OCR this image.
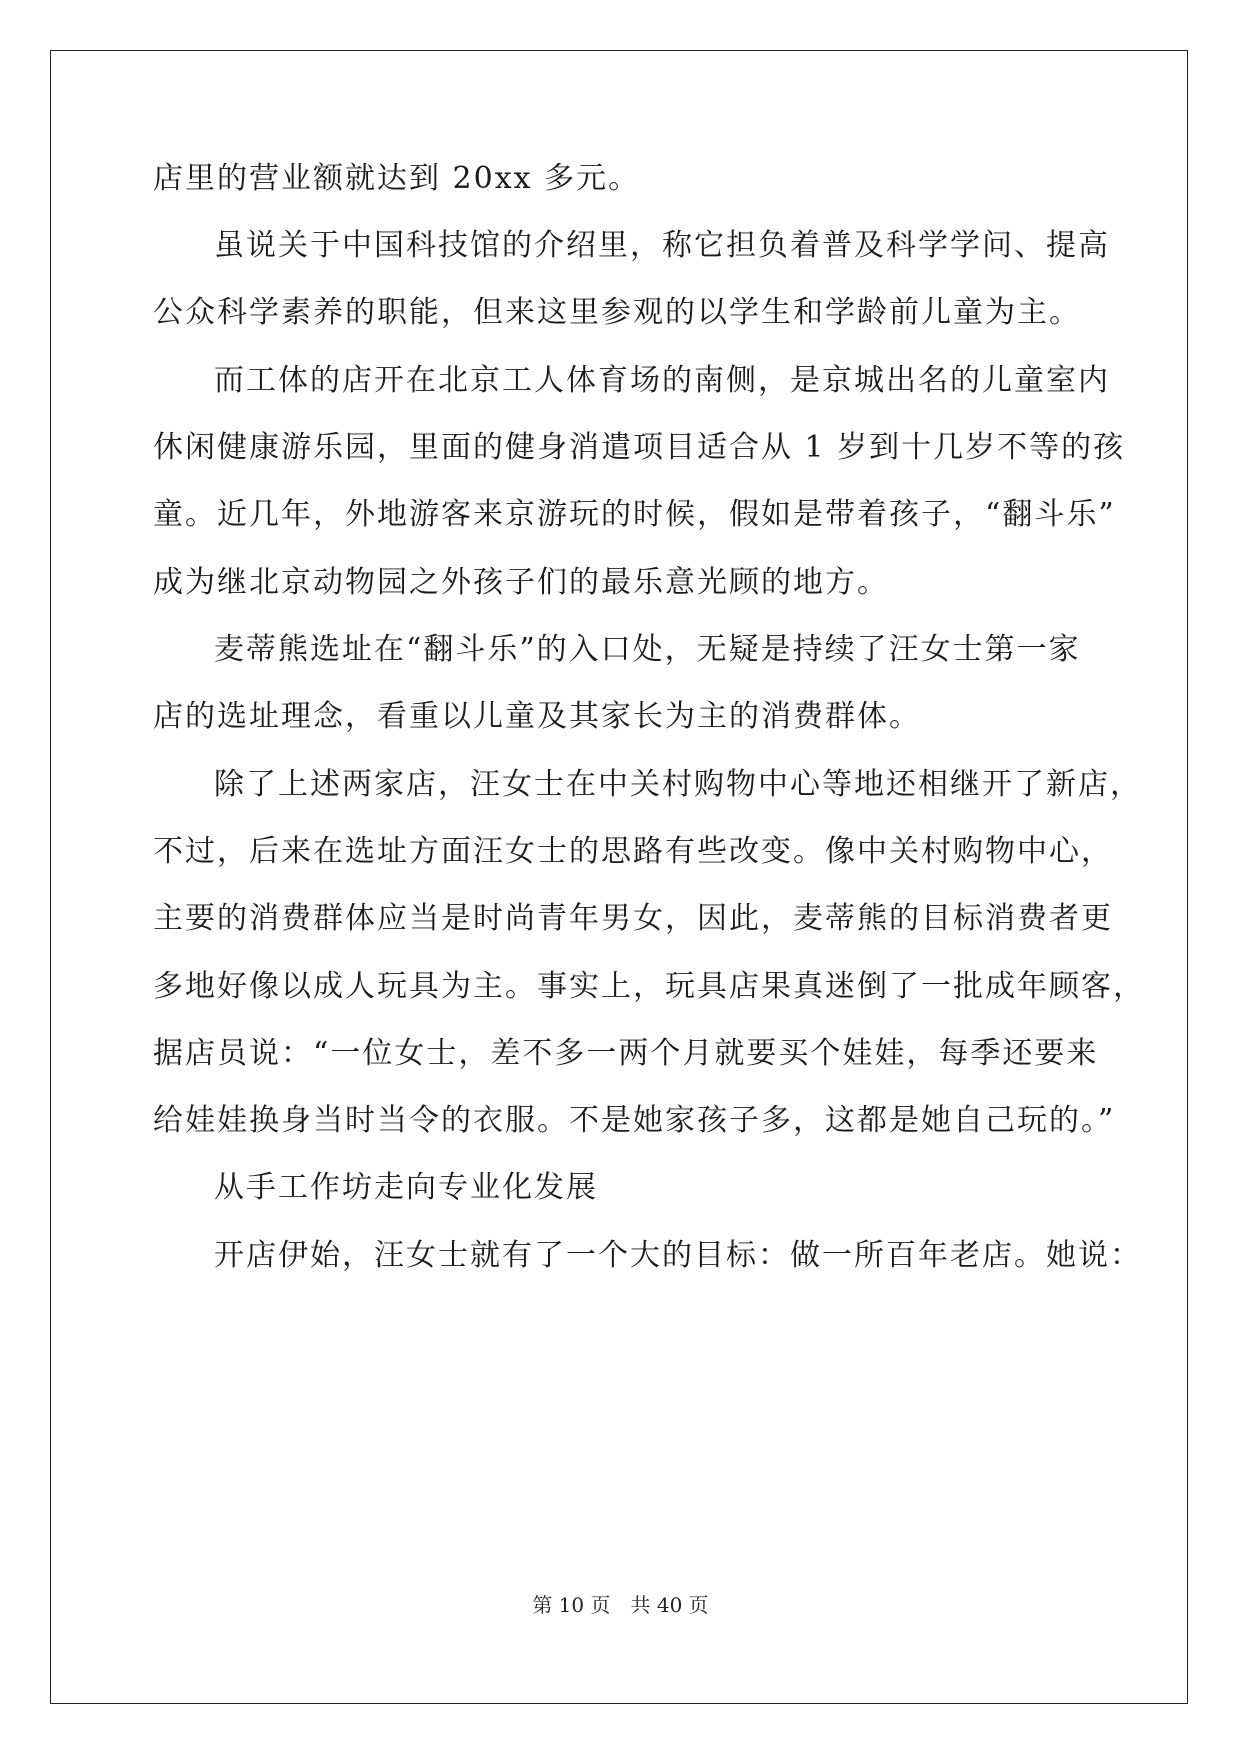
店里的营业额就达到 20xx 多元。

虽说关于中国科技馆的介绍里，称它担负着普及科学学问、提高

公众科学素养的职能，但来这里参观的以学生和学龄前儿童为主。

而工体的店开在北京工人体育场的南侧，是京城出名的儿童室内

休闲健康游乐园，里面的健身消遣项目适合从 1 岁到十几岁不等的孩

童。近几年，外地游客来京游玩的时候，假如是带着孩子，“翻斗乐”

成为继北京动物园之外孩子们的最乐意光顾的地方。

麦蒂熊选址在“翻斗乐”的入口处，无疑是持续了汪女士第一家

店的选址理念，看重以儿童及其家长为主的消费群体。

除了上述两家店，汪女士在中关村购物中心等地还相继开了新店，

不过，后来在选址方面汪女士的思路有些改变。像中关村购物中心，

主要的消费群体应当是时尚青年男女，因此，麦蒂熊的目标消费者更

多地好像以成人玩具为主。事实上，玩具店果真迷倒了一批成年顾客，

据店员说：“一位女士，差不多一两个月就要买个娃娃，每季还要来

给娃娃换身当时当令的衣服。不是她家孩子多，这都是她自己玩的。”

从手工作坊走向专业化发展

开店伊始，汪女士就有了一个大的目标：做一所百年老店。她说：

第 10 页　共 40 页
